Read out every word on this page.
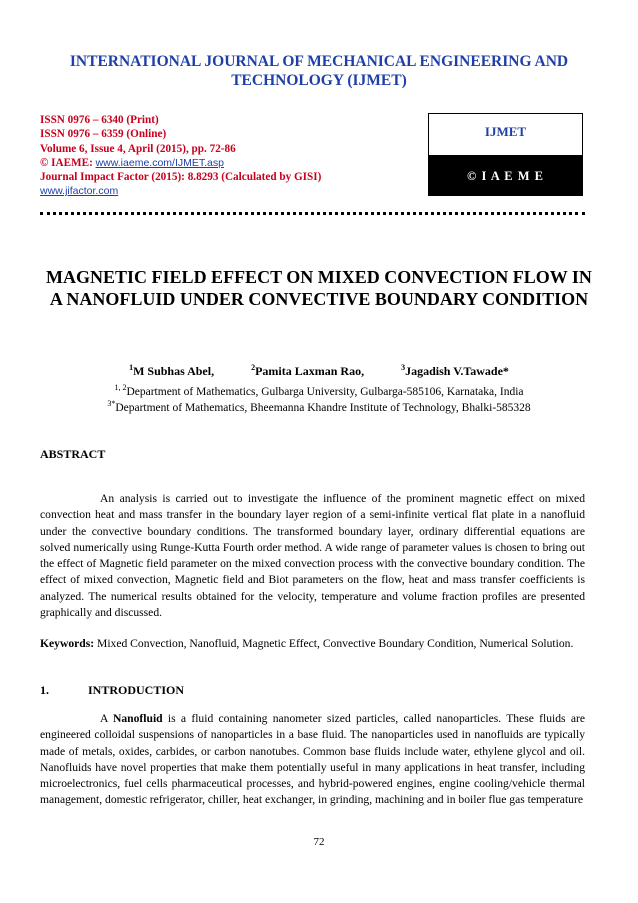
INTERNATIONAL JOURNAL OF MECHANICAL ENGINEERING AND TECHNOLOGY (IJMET)
ISSN 0976 – 6340 (Print)
ISSN 0976 – 6359 (Online)
Volume 6, Issue 4, April (2015), pp. 72-86
© IAEME: www.iaeme.com/IJMET.asp
Journal Impact Factor (2015): 8.8293 (Calculated by GISI)
www.jifactor.com
IJMET
© I A E M E
MAGNETIC FIELD EFFECT ON MIXED CONVECTION FLOW IN A NANOFLUID UNDER CONVECTIVE BOUNDARY CONDITION
$^1$M Subhas Abel,	$^2$Pamita Laxman Rao,	$^3$Jagadish V.Tawade*
$^{1, 2}$Department of Mathematics, Gulbarga University, Gulbarga-585106, Karnataka, India
$^{3*}$Department of Mathematics, Bheemanna Khandre Institute of Technology, Bhalki-585328
ABSTRACT
An analysis is carried out to investigate the influence of the prominent magnetic effect on mixed convection heat and mass transfer in the boundary layer region of a semi-infinite vertical flat plate in a nanofluid under the convective boundary conditions. The transformed boundary layer, ordinary differential equations are solved numerically using Runge-Kutta Fourth order method. A wide range of parameter values is chosen to bring out the effect of Magnetic field parameter on the mixed convection process with the convective boundary condition. The effect of mixed convection, Magnetic field and Biot parameters on the flow, heat and mass transfer coefficients is analyzed. The numerical results obtained for the velocity, temperature and volume fraction profiles are presented graphically and discussed.
Keywords: Mixed Convection, Nanofluid, Magnetic Effect, Convective Boundary Condition, Numerical Solution.
1.	INTRODUCTION
A Nanofluid is a fluid containing nanometer sized particles, called nanoparticles. These fluids are engineered colloidal suspensions of nanoparticles in a base fluid. The nanoparticles used in nanofluids are typically made of metals, oxides, carbides, or carbon nanotubes. Common base fluids include water, ethylene glycol and oil. Nanofluids have novel properties that make them potentially useful in many applications in heat transfer, including microelectronics, fuel cells pharmaceutical processes, and hybrid-powered engines, engine cooling/vehicle thermal management, domestic refrigerator, chiller, heat exchanger, in grinding, machining and in boiler flue gas temperature
72
